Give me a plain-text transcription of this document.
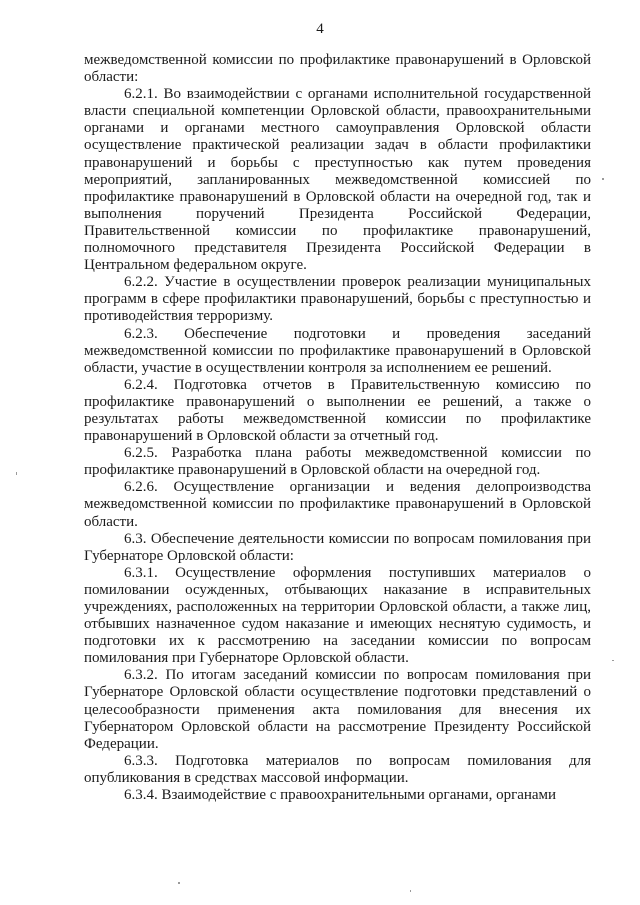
4

межведомственной комиссии по профилактике правонарушений в Орловской области:

6.2.1. Во взаимодействии с органами исполнительной государственной власти специальной компетенции Орловской области, правоохранительными органами и органами местного самоуправления Орловской области осуществление практической реализации задач в области профилактики правонарушений и борьбы с преступностью как путем проведения мероприятий, запланированных межведомственной комиссией по профилактике правонарушений в Орловской области на очередной год, так и выполнения поручений Президента Российской Федерации, Правительственной комиссии по профилактике правонарушений, полномочного представителя Президента Российской Федерации в Центральном федеральном округе.

6.2.2. Участие в осуществлении проверок реализации муниципальных программ в сфере профилактики правонарушений, борьбы с преступностью и противодействия терроризму.

6.2.3. Обеспечение подготовки и проведения заседаний межведомственной комиссии по профилактике правонарушений в Орловской области, участие в осуществлении контроля за исполнением ее решений.

6.2.4. Подготовка отчетов в Правительственную комиссию по профилактике правонарушений о выполнении ее решений, а также о результатах работы межведомственной комиссии по профилактике правонарушений в Орловской области за отчетный год.

6.2.5. Разработка плана работы межведомственной комиссии по профилактике правонарушений в Орловской области на очередной год.

6.2.6. Осуществление организации и ведения делопроизводства межведомственной комиссии по профилактике правонарушений в Орловской области.

6.3. Обеспечение деятельности комиссии по вопросам помилования при Губернаторе Орловской области:

6.3.1. Осуществление оформления поступивших материалов о помиловании осужденных, отбывающих наказание в исправительных учреждениях, расположенных на территории Орловской области, а также лиц, отбывших назначенное судом наказание и имеющих неснятую судимость, и подготовки их к рассмотрению на заседании комиссии по вопросам помилования при Губернаторе Орловской области.

6.3.2. По итогам заседаний комиссии по вопросам помилования при Губернаторе Орловской области осуществление подготовки представлений о целесообразности применения акта помилования для внесения их Губернатором Орловской области на рассмотрение Президенту Российской Федерации.

6.3.3. Подготовка материалов по вопросам помилования для опубликования в средствах массовой информации.

6.3.4. Взаимодействие с правоохранительными органами, органами
